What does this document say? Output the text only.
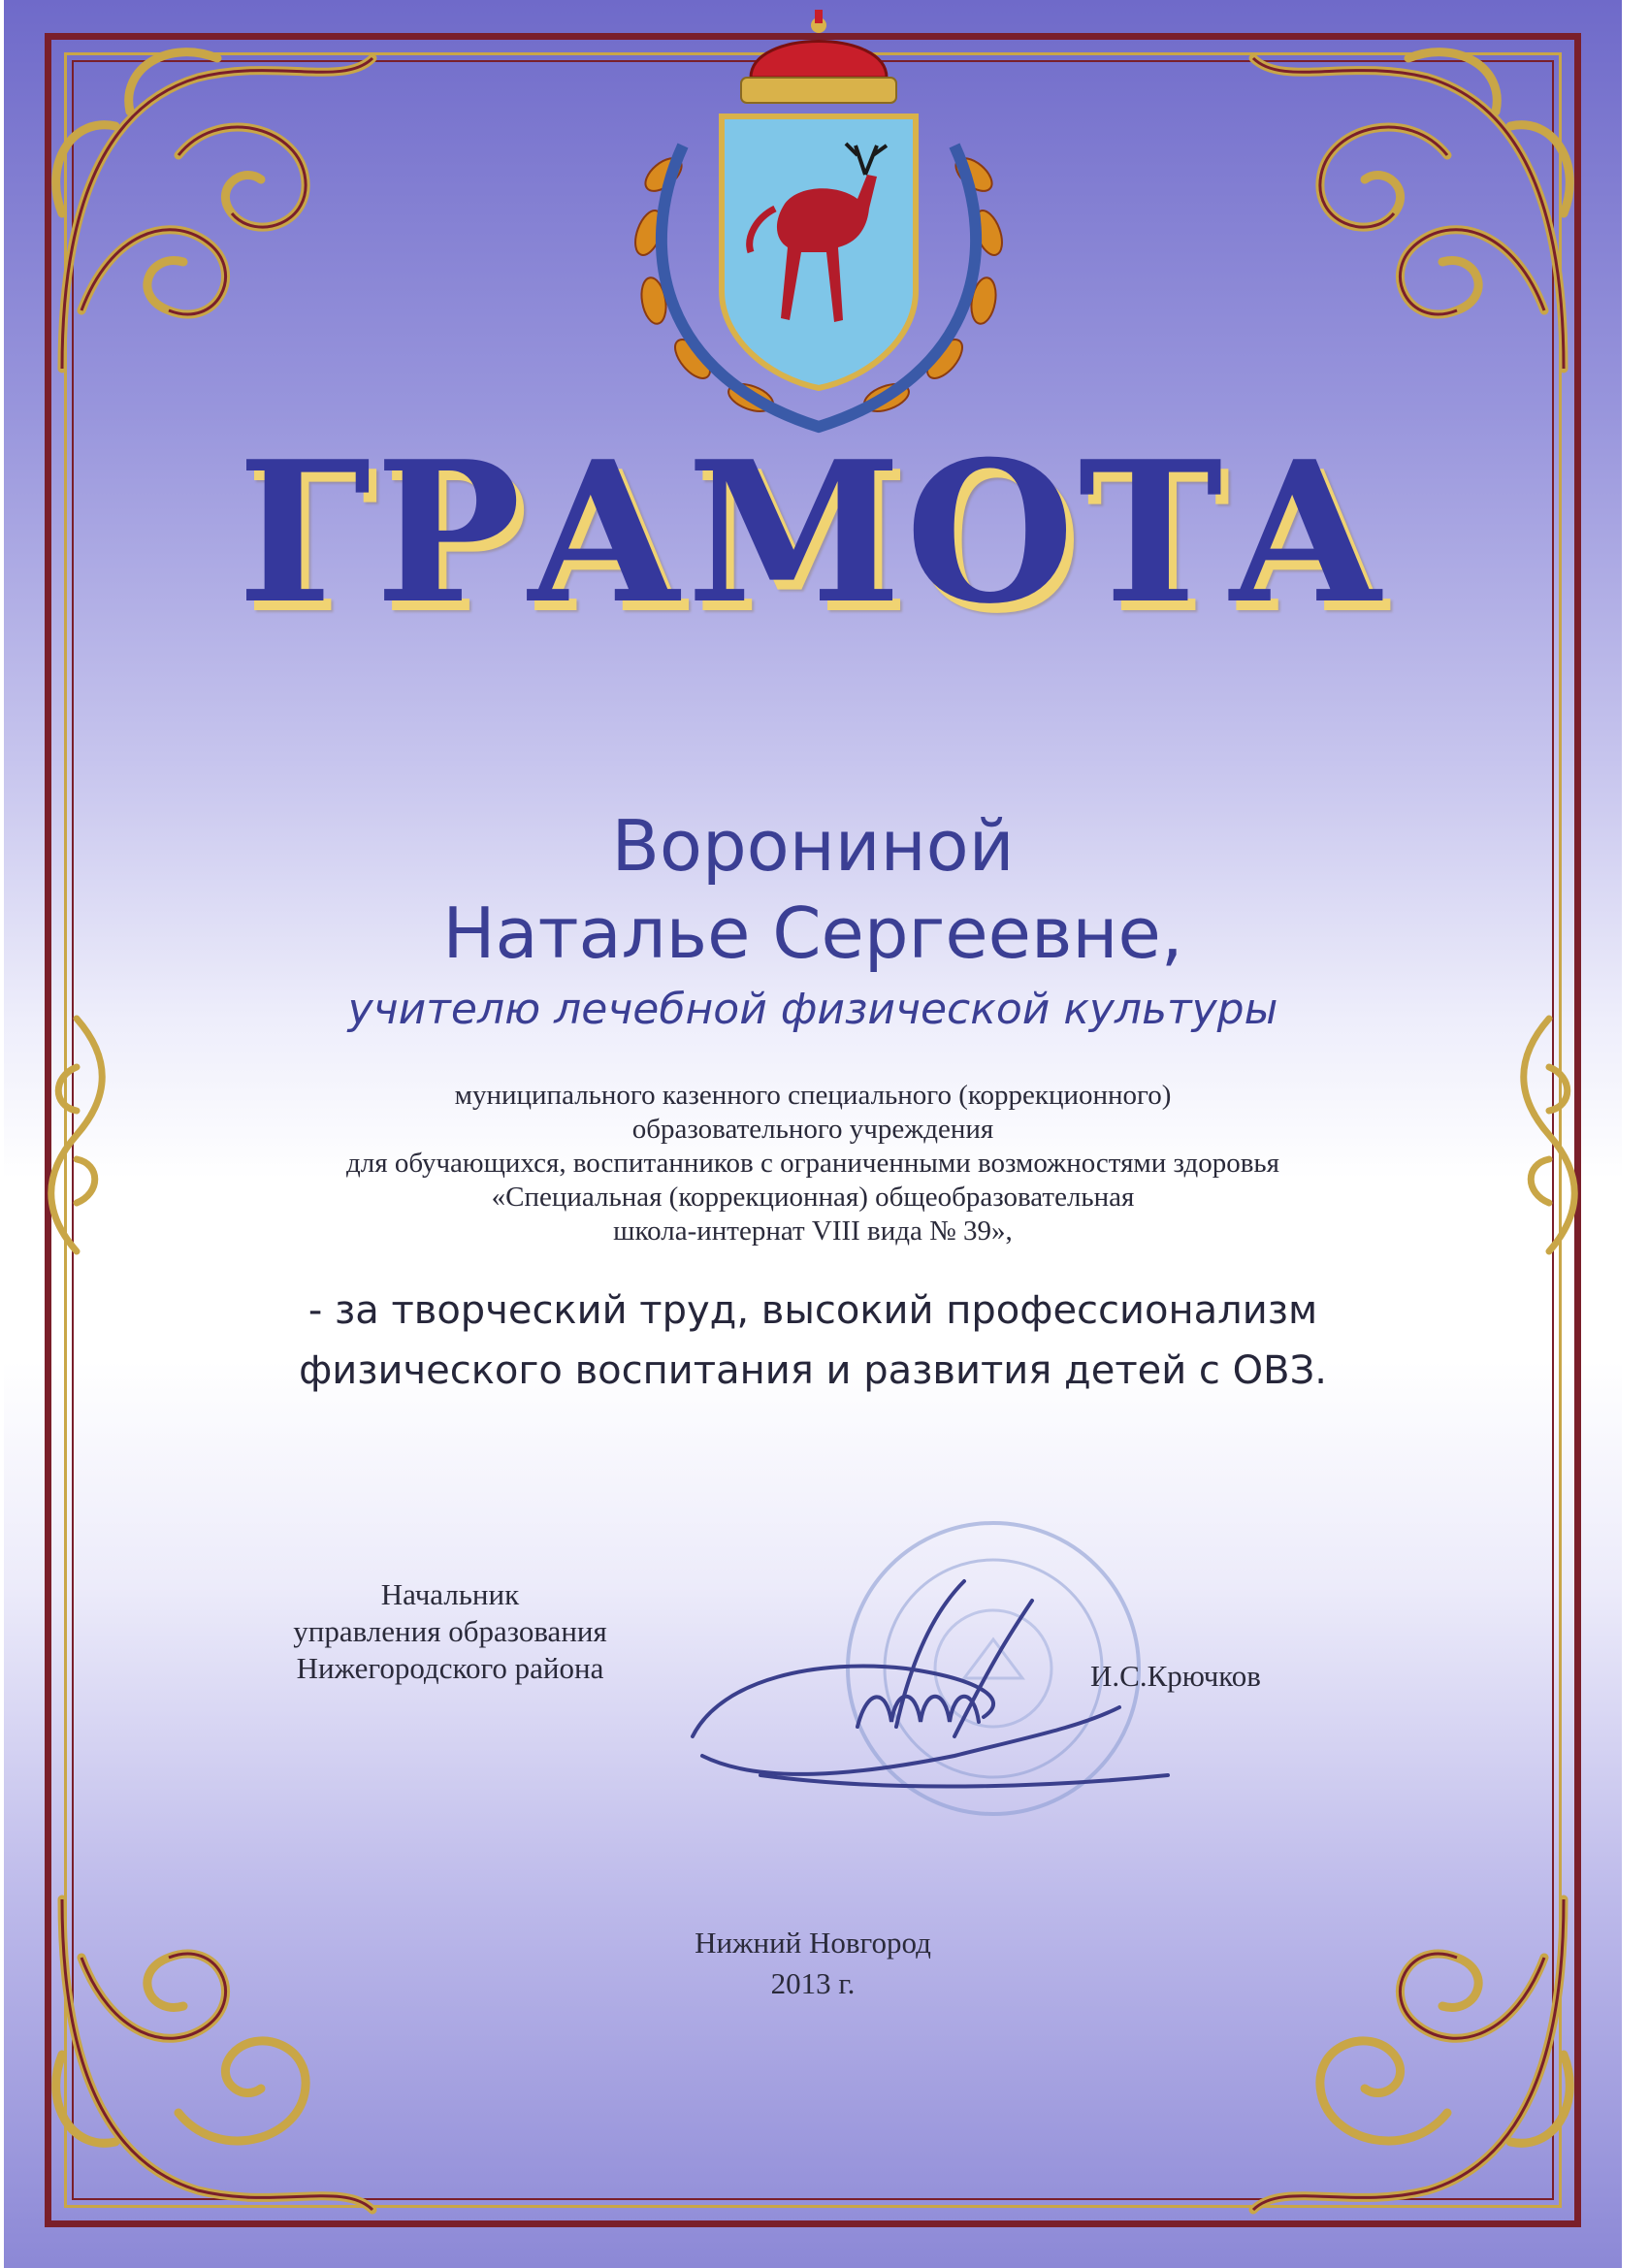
ГРАМОТА

Ворониной

Наталье Сергеевне,

учителю лечебной физической культуры

муниципального казенного специального (коррекционного)
образовательного учреждения
для обучающихся, воспитанников с ограниченными возможностями здоровья
«Специальная (коррекционная) общеобразовательная
школа-интернат VIII вида № 39»,
- за творческий труд, высокий профессионализм
физического воспитания и развития детей с ОВЗ.
Начальник
управления образования
Нижегородского района	И.С.Крючков
Нижний Новгород
2013 г.
